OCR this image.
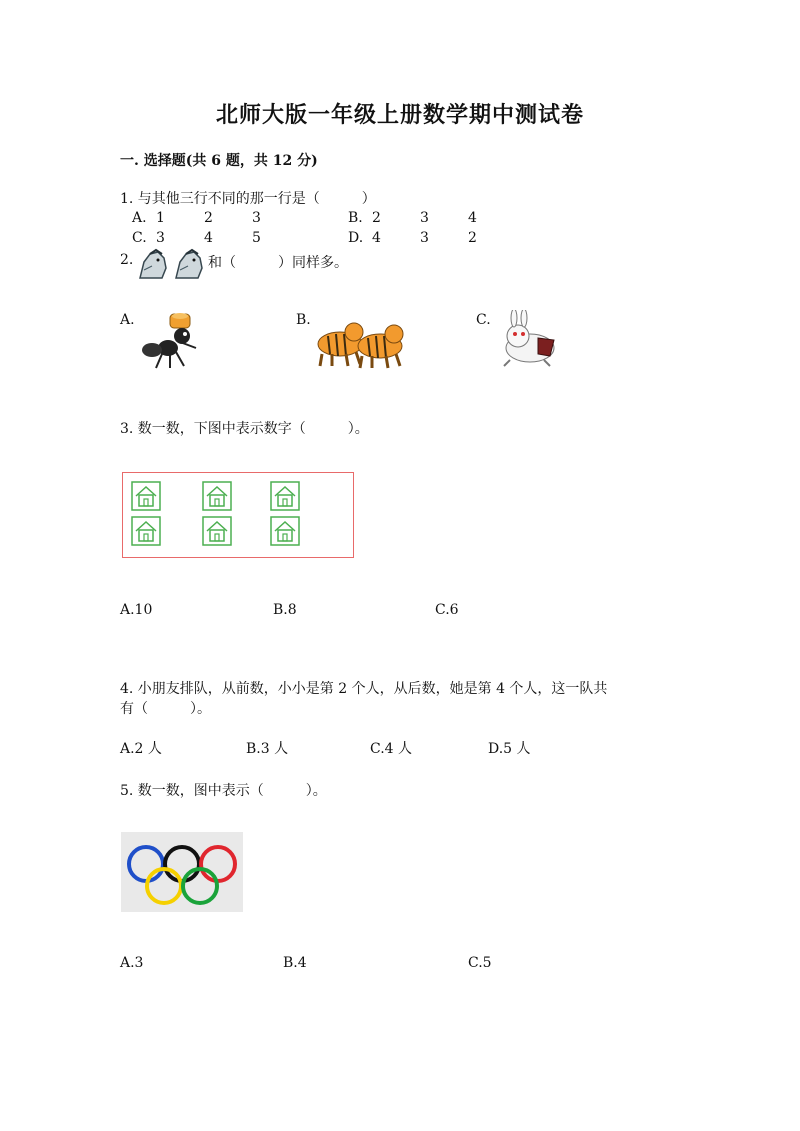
北师大版一年级上册数学期中测试卷
一. 选择题(共 6 题，共 12 分)
1. 与其他三行不同的那一行是（　　　）
A. 1	2	3	B. 2	3	4
C. 3	4	5	D. 4	3	2
2.	和（　　　）同样多。
A.	B.	C.
3. 数一数，下图中表示数字（　　　）。
A.10	B.8	C.6
4. 小朋友排队，从前数，小小是第 2 个人，从后数，她是第 4 个人，这一队共
有（　　　）。
A.2 人	B.3 人	C.4 人	D.5 人
5. 数一数，图中表示（　　　）。
A.3	B.4	C.5
